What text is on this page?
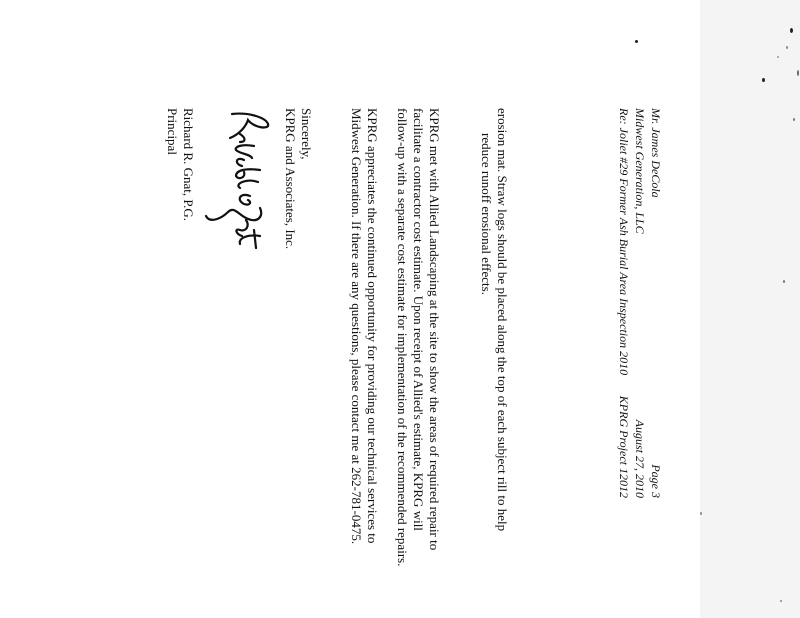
Mr. James DeCola
Midwest Generation, LLC
Re: Joliet #29 Former Ash Burial Area Inspection 2010
Page 3
August 27, 2010
KPRG Project 12012
erosion mat. Straw logs should be placed along the top of each subject rill to help
reduce runoff erosional effects.
KPRG met with Allied Landscaping at the site to show the areas of required repair to
facilitate a contractor cost estimate. Upon receipt of Allied's estimate, KPRG will
follow-up with a separate cost estimate for implementation of the recommended repairs.
KPRG appreciates the continued opportunity for providing our technical services to
Midwest Generation. If there are any questions, please contact me at 262-781-0475.
Sincerely,
KPRG and Associates, Inc.
Richard R. Gnat, P.G.
Principal
